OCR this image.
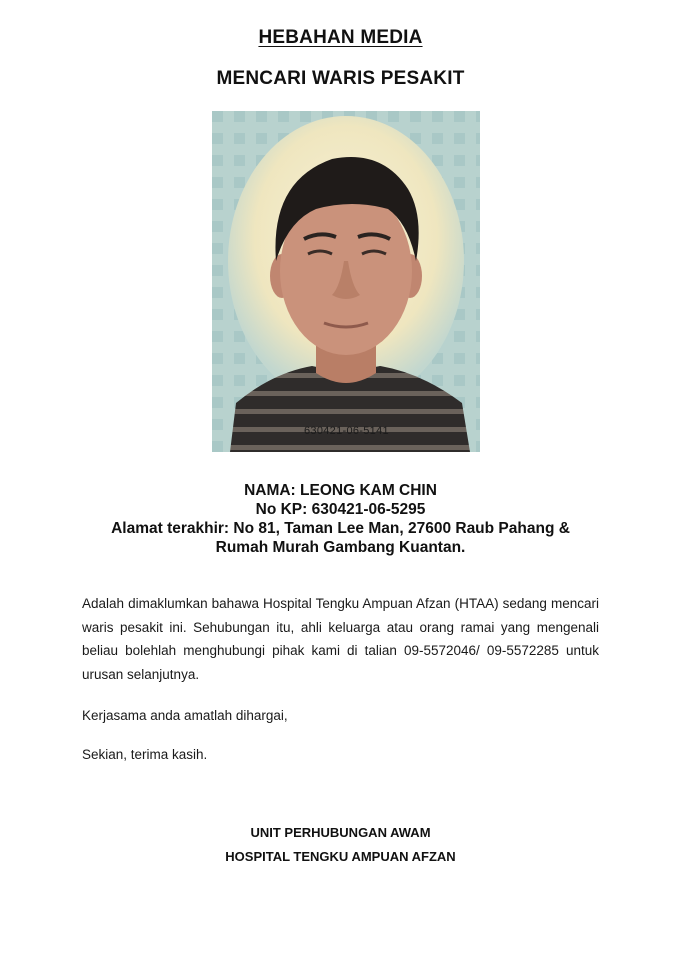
HEBAHAN MEDIA
MENCARI WARIS PESAKIT
630421-06-5141
NAMA: LEONG KAM CHIN
No KP: 630421-06-5295
Alamat terakhir: No 81, Taman Lee Man, 27600 Raub Pahang &
Rumah Murah Gambang Kuantan.
Adalah dimaklumkan bahawa Hospital Tengku Ampuan Afzan (HTAA) sedang mencari waris pesakit ini. Sehubungan itu, ahli keluarga atau orang ramai yang mengenali beliau bolehlah menghubungi pihak kami di talian 09-5572046/ 09-5572285 untuk urusan selanjutnya.
Kerjasama anda amatlah dihargai,
Sekian, terima kasih.
UNIT PERHUBUNGAN AWAM
HOSPITAL TENGKU AMPUAN AFZAN
